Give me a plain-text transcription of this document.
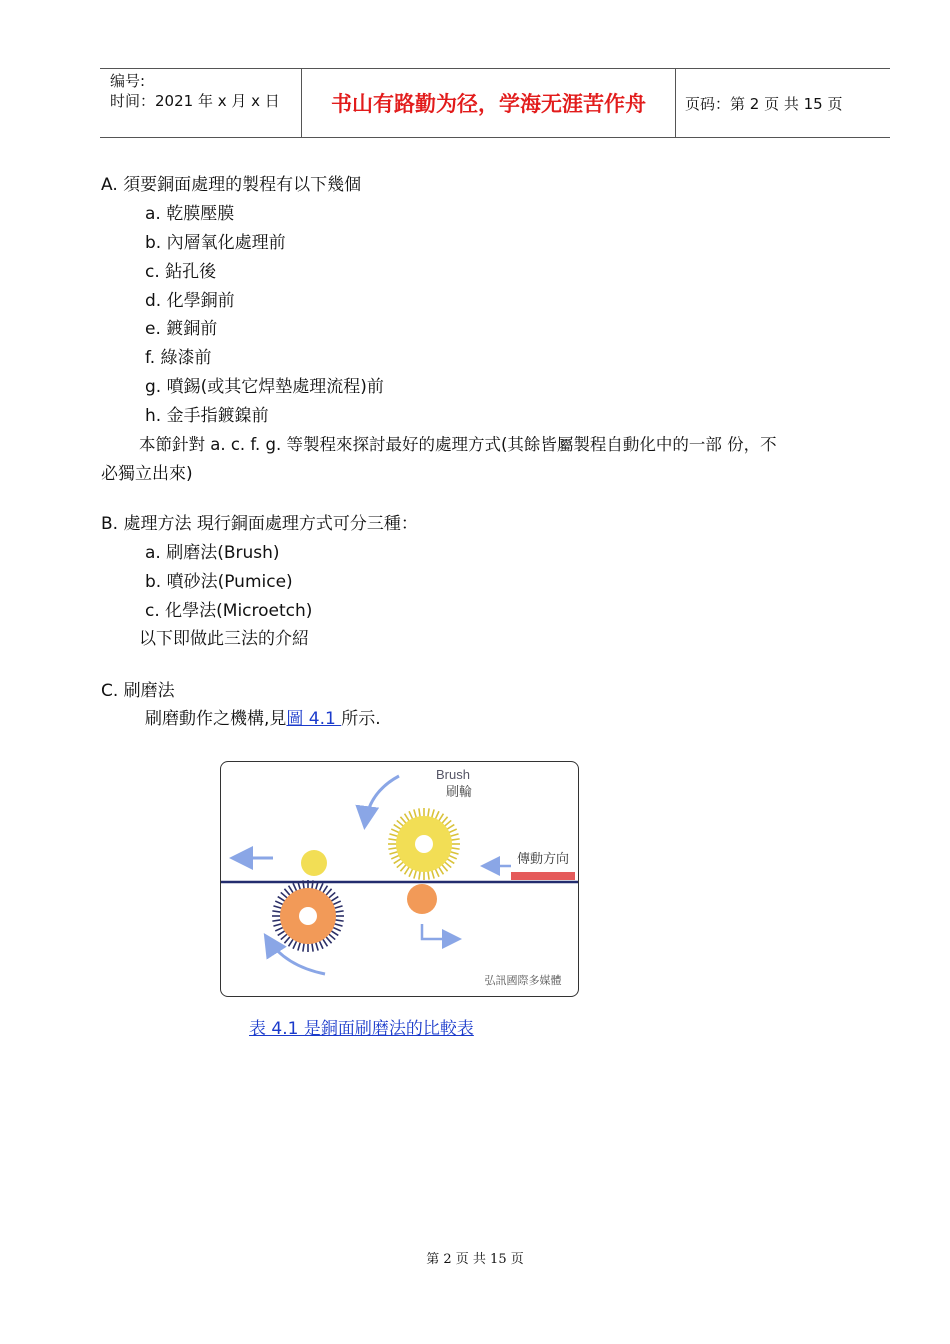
编号:
时间：2021 年 x 月 x 日	书山有路勤为径，学海无涯苦作舟	页码：第 2 页 共 15 页
A. 須要銅面處理的製程有以下幾個
a. 乾膜壓膜
b. 內層氧化處理前
c. 鉆孔後
d. 化學銅前
e. 鍍銅前
f. 綠漆前
g. 噴錫(或其它焊墊處理流程)前
h. 金手指鍍鎳前
本節針對 a. c. f. g. 等製程來探討最好的處理方式(其餘皆屬製程自動化中的一部 份，不
必獨立出來)
B. 處理方法 現行銅面處理方式可分三種：
a. 刷磨法(Brush)
b. 噴砂法(Pumice)
c. 化學法(Microetch)
以下即做此三法的介紹
C. 刷磨法
刷磨動作之機構,見圖 4.1 所示.
Brush
刷輪
傳動方向
弘訊國際多媒體
表 4.1 是銅面刷磨法的比較表
第 2 页 共 15 页
